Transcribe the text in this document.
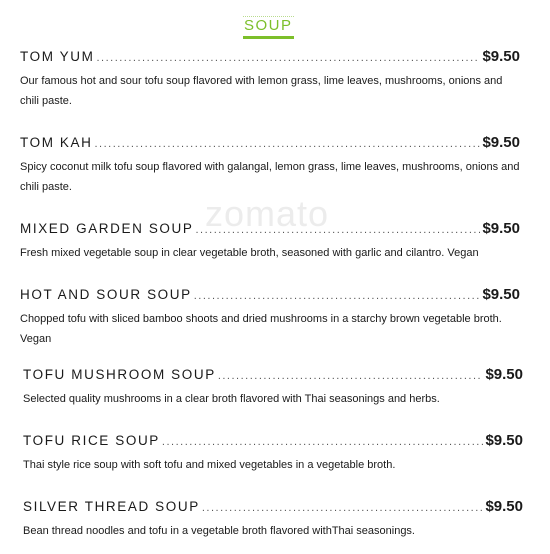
SOUP
zomato
TOM YUM .....	$9.50
Our famous hot and sour tofu soup flavored with lemon grass, lime leaves, mushrooms, onions and chili paste.
TOM KAH .....	$9.50
Spicy coconut milk tofu soup flavored with galangal, lemon grass, lime leaves, mushrooms, onions and chili paste.
MIXED GARDEN SOUP .....	$9.50
Fresh mixed vegetable soup in clear vegetable broth, seasoned with garlic and cilantro. Vegan
HOT AND SOUR SOUP .....	$9.50
Chopped tofu with sliced bamboo shoots and dried mushrooms in a starchy brown vegetable broth. Vegan
TOFU MUSHROOM SOUP .....	$9.50
Selected quality mushrooms in a clear broth flavored with Thai seasonings and herbs.
TOFU RICE SOUP .....	$9.50
Thai style rice soup with soft tofu and mixed vegetables in a vegetable broth.
SILVER THREAD SOUP .....	$9.50
Bean thread noodles and tofu in a vegetable broth flavored withThai seasonings.
